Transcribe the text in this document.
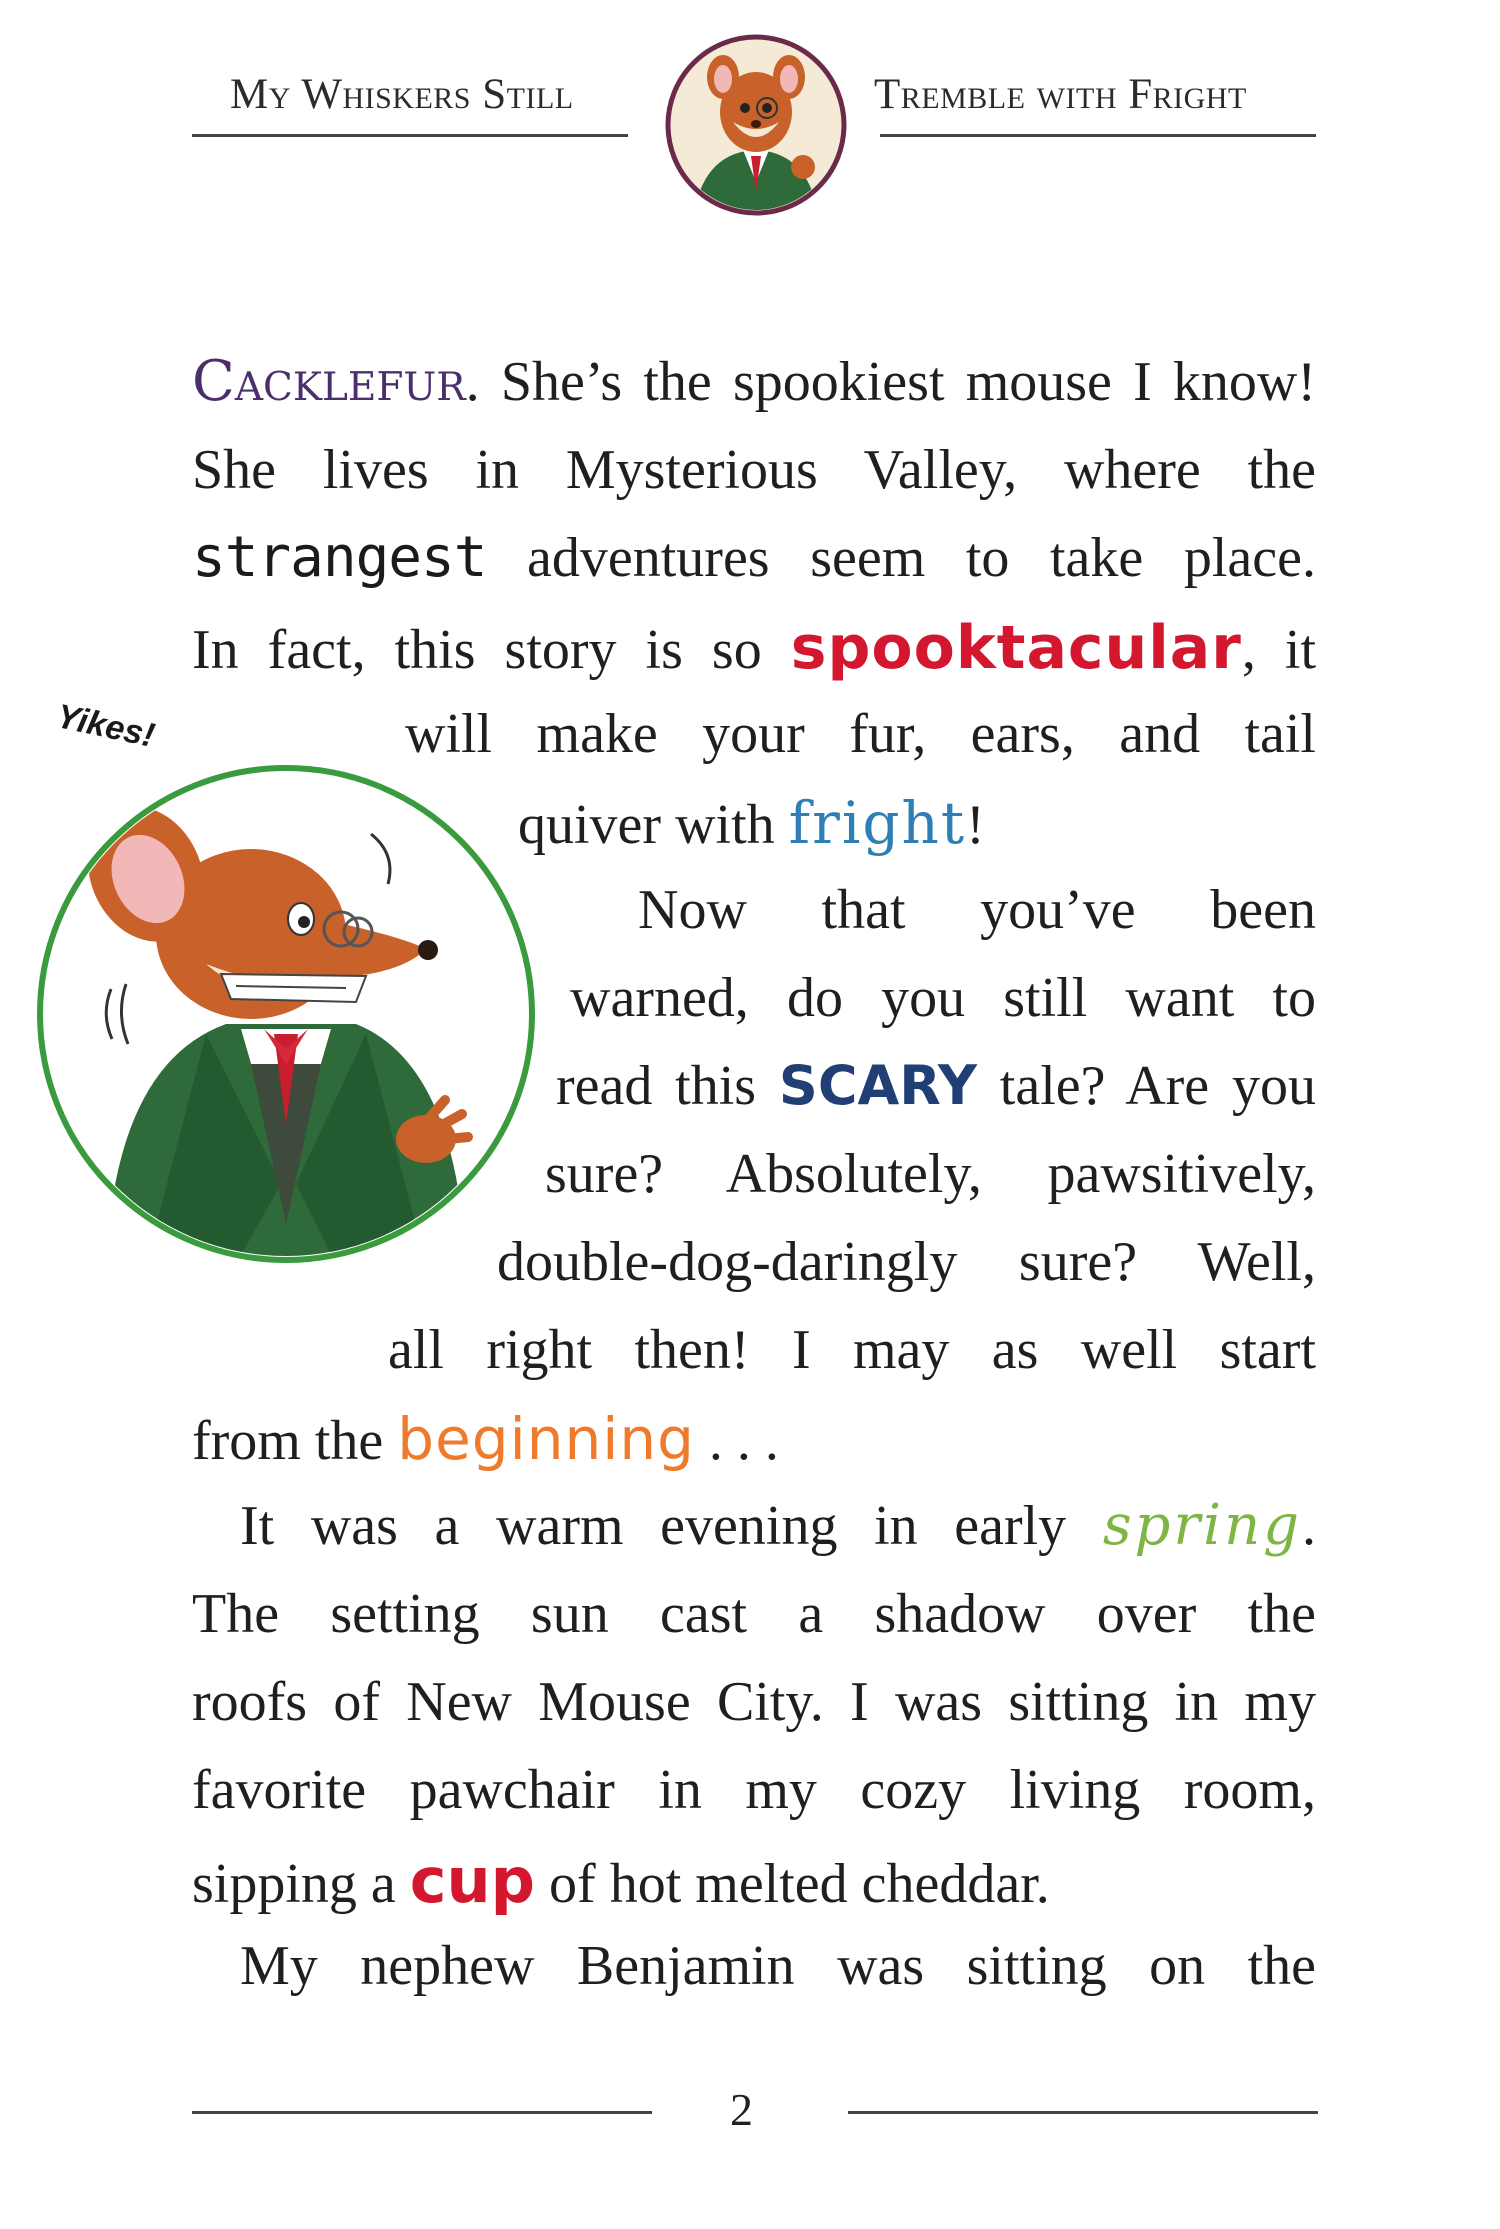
My Whiskers Still	Tremble with Fright
Yikes!
Cacklefur. She’s the spookiest mouse I know!
She lives in Mysterious Valley, where the
strangest adventures seem to take place.
In fact, this story is so spooktacular, it
will make your fur, ears, and tail
quiver with fright!
Now that you’ve been
warned, do you still want to
read this SCARY tale? Are you
sure? Absolutely, pawsitively,
double-dog-daringly sure? Well,
all right then! I may as well start
from the beginning . . .
It was a warm evening in early spring.
The setting sun cast a shadow over the
roofs of New Mouse City. I was sitting in my
favorite pawchair in my cozy living room,
sipping a cup of hot melted cheddar.
My nephew Benjamin was sitting on the
2
